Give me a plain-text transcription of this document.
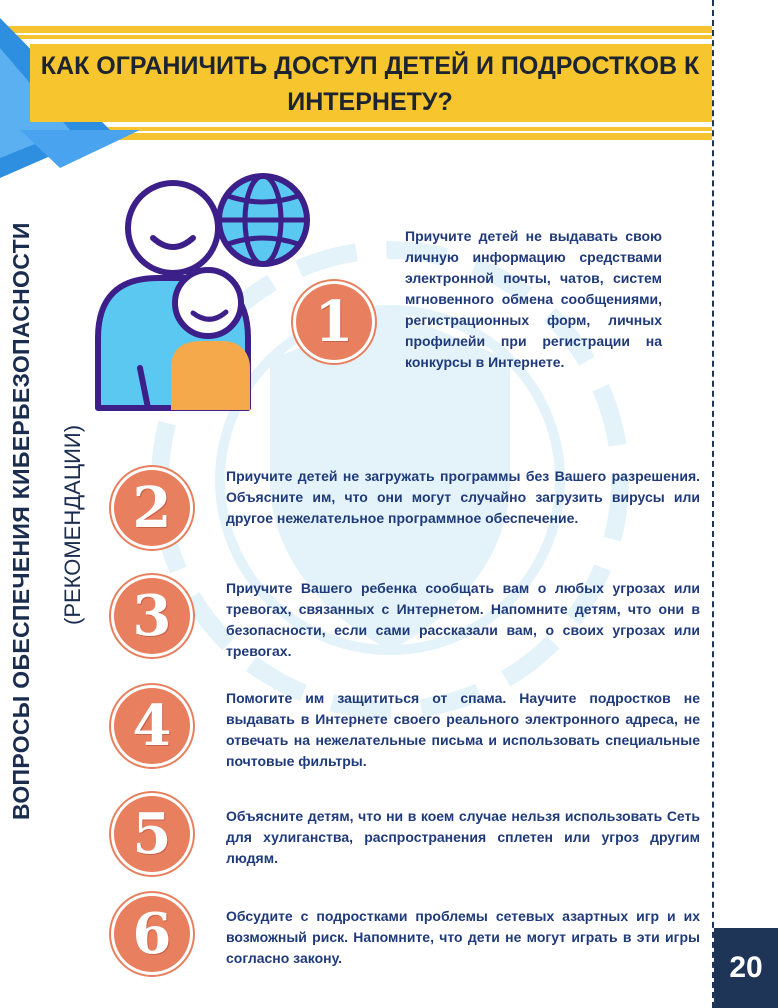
КАК ОГРАНИЧИТЬ ДОСТУП ДЕТЕЙ И ПОДРОСТКОВ К ИНТЕРНЕТУ?
ВОПРОСЫ ОБЕСПЕЧЕНИЯ КИБЕРБЕЗОПАСНОСТИ (РЕКОМЕНДАЦИИ)
1
Приучите детей не выдавать свою личную информацию средствами электронной почты, чатов, систем мгновенного обмена сообщениями, регистрационных форм, личных профилейи при регистрации на конкурсы в Интернете.
2	Приучите детей не загружать программы без Вашего разрешения. Объясните им, что они могут случайно загрузить вирусы или другое нежелательное программное обеспечение.
3	Приучите Вашего ребенка сообщать вам о любых угрозах или тревогах, связанных с Интернетом. Напомните детям, что они в безопасности, если сами рассказали вам, о своих угрозах или тревогах.
4	Помогите им защититься от спама. Научите подростков не выдавать в Интернете своего реального электронного адреса, не отвечать на нежелательные письма и использовать специальные почтовые фильтры.
5	Объясните детям, что ни в коем случае нельзя использовать Сеть для хулиганства, распространения сплетен или угроз другим людям.
6	Обсудите с подростками проблемы сетевых азартных игр и их возможный риск. Напомните, что дети не могут играть в эти игры согласно закону.	20
